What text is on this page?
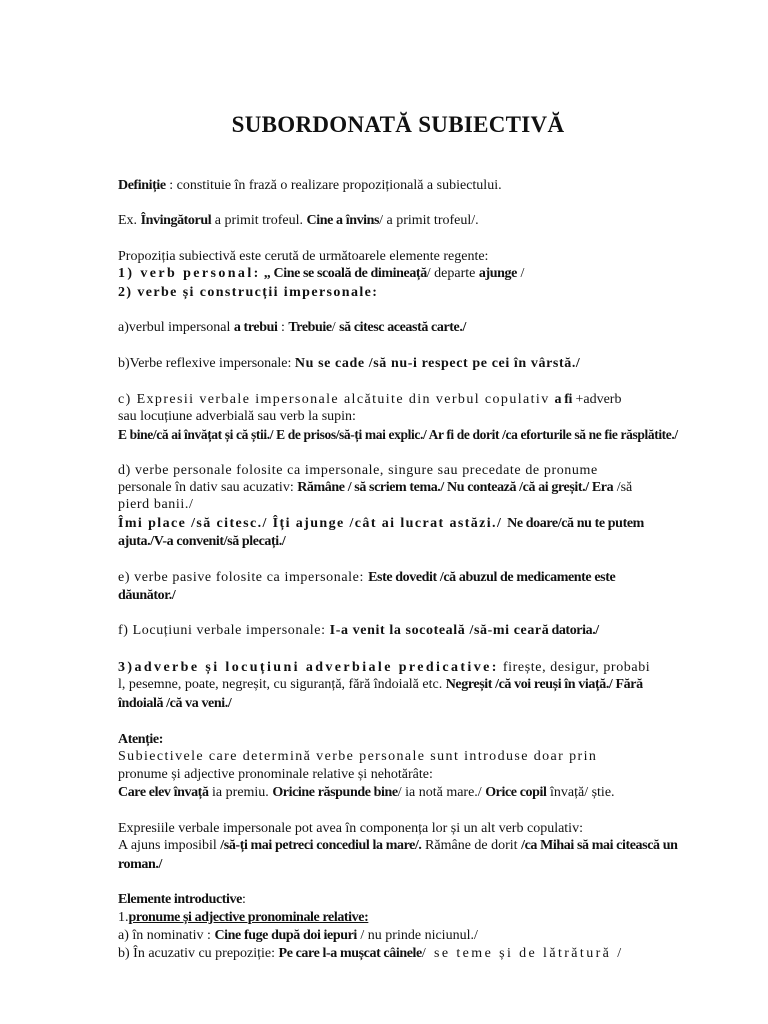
SUBORDONATĂ SUBIECTIVĂ
Definiție : constituie în frază o realizare propozițională a subiectului.
Ex. Învingătorul a primit trofeul. Cine a învins/ a primit trofeul/.
Propoziția subiectivă este cerută de următoarele elemente regente:
1) verb personal: „ Cine se scoală de dimineață/ departe ajunge /
2) verbe și construcții impersonale:
a)verbul impersonal a trebui : Trebuie/ să citesc această carte./
b)Verbe reflexive impersonale: Nu se cade /să nu-i respect pe cei în vârstă./
c) Expresii verbale impersonale alcătuite din verbul copulativ a fi +adverb
sau locuțiune adverbială sau verb la supin:
E bine/că ai învățat și că știi./ E de prisos/să-ți mai explic./ Ar fi de dorit /ca eforturile să ne fie răsplătite./
d) verbe personale folosite ca impersonale, singure sau precedate de pronume
personale în dativ sau acuzativ: Rămâne / să scriem tema./ Nu contează /că ai greșit./ Era /să
pierd banii./
Îmi place /să citesc./ Îți ajunge /cât ai lucrat astăzi./ Ne doare/că nu te putem
ajuta./V-a convenit/să plecați./
e) verbe pasive folosite ca impersonale: Este dovedit /că abuzul de medicamente este
dăunător./
f) Locuțiuni verbale impersonale: I-a venit la socoteală /să-mi ceară datoria./
3)adverbe și locuțiuni adverbiale predicative: firește, desigur, probabi
l, pesemne, poate, negreșit, cu siguranță, fără îndoială etc. Negreșit /că voi reuși în viață./ Fără
îndoială /că va veni./
Atenție:
Subiectivele care determină verbe personale sunt introduse doar prin
pronume și adjective pronominale relative și nehotărâte:
Care elev învață ia premiu. Oricine răspunde bine/ ia notă mare./ Orice copil învață/ știe.
Expresiile verbale impersonale pot avea în componența lor și un alt verb copulativ:
A ajuns imposibil /să-ți mai petreci concediul la mare/. Rămâne de dorit /ca Mihai să mai citească un
roman./
Elemente introductive:
1.pronume și adjective pronominale relative:
a) în nominativ : Cine fuge după doi iepuri / nu prinde niciunul./
b) În acuzativ cu prepoziție: Pe care l-a mușcat câinele/ se teme și de lătrătură /
